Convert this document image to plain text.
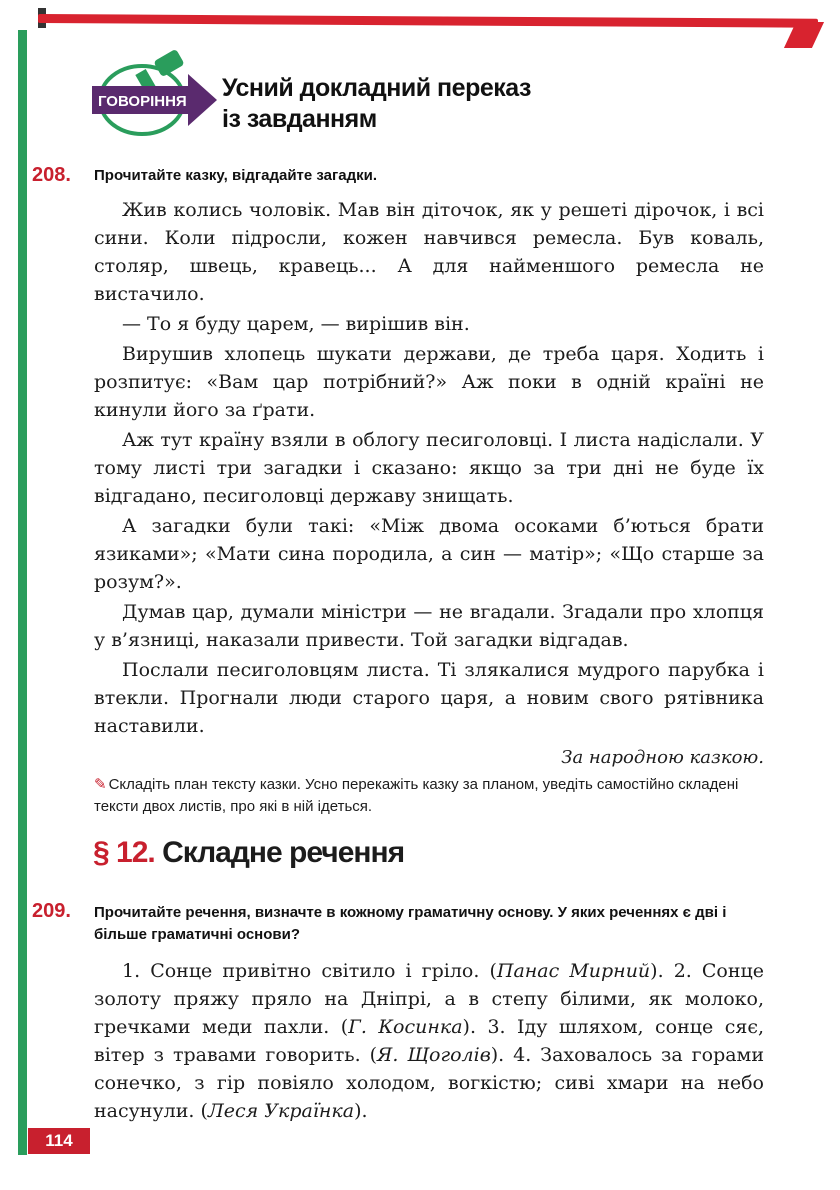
ГОВОРІННЯ Усний докладний переказ
із завданням
208. Прочитайте казку, відгадайте загадки.

Жив колись чоловік. Мав він діточок, як у решеті дірочок, і всі сини. Коли підросли, кожен навчився ремесла. Був коваль, столяр, швець, кравець... А для найменшого ремесла не вистачило.

— То я буду царем, — вирішив він.

Вирушив хлопець шукати держави, де треба царя. Ходить і розпитує: «Вам цар потрібний?» Аж поки в одній країні не кинули його за ґрати.

Аж тут країну взяли в облогу песиголовці. І листа надіслали. У тому листі три загадки і сказано: якщо за три дні не буде їх відгадано, песиголовці державу знищать.

А загадки були такі: «Між двома осоками б’ються брати язиками»; «Мати сина породила, а син — матір»; «Що старше за розум?».

Думав цар, думали міністри — не вгадали. Згадали про хлопця у в’язниці, наказали привести. Той загадки відгадав.

Послали песиголовцям листа. Ті злякалися мудрого парубка і втекли. Прогнали люди старого царя, а новим свого рятівника наставили.

За народною казкою.
✎ Складіть план тексту казки. Усно перекажіть казку за планом, уведіть самостійно складені тексти двох листів, про які в ній ідеться.
§ 12. Складне речення
209. Прочитайте речення, визначте в кожному граматичну основу. У яких реченнях є дві і більше граматичні основи?
1. Сонце привітно світило і гріло. (Панас Мирний). 2. Сонце золоту пряжу пряло на Дніпрі, а в степу білими, як молоко, гречками меди пахли. (Г. Косинка). 3. Іду шляхом, сонце сяє, вітер з травами говорить. (Я. Щоголів). 4. Заховалось за горами сонечко, з гір повіяло холодом, вогкістю; сиві хмари на небо насунули. (Леся Українка).
114
